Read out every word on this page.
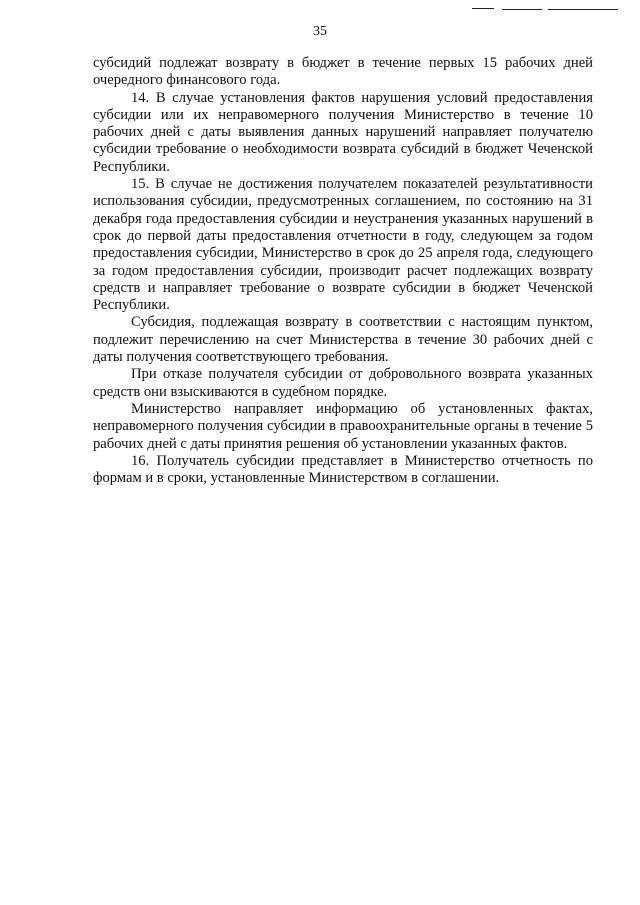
35

субсидий подлежат возврату в бюджет в течение первых 15 рабочих дней очередного финансового года.

14. В случае установления фактов нарушения условий предоставления субсидии или их неправомерного получения Министерство в течение 10 рабочих дней с даты выявления данных нарушений направляет получателю субсидии требование о необходимости возврата субсидий в бюджет Чеченской Республики.

15. В случае не достижения получателем показателей результативности использования субсидии, предусмотренных соглашением, по состоянию на 31 декабря года предоставления субсидии и неустранения указанных нарушений в срок до первой даты предоставления отчетности в году, следующем за годом предоставления субсидии, Министерство в срок до 25 апреля года, следующего за годом предоставления субсидии, производит расчет подлежащих возврату средств и направляет требование о возврате субсидии в бюджет Чеченской Республики.

Субсидия, подлежащая возврату в соответствии с настоящим пунктом, подлежит перечислению на счет Министерства в течение 30 рабочих дней с даты получения соответствующего требования.

При отказе получателя субсидии от добровольного возврата указанных средств они взыскиваются в судебном порядке.

Министерство направляет информацию об установленных фактах, неправомерного получения субсидии в правоохранительные органы в течение 5 рабочих дней с даты принятия решения об установлении указанных фактов.

16. Получатель субсидии представляет в Министерство отчетность по формам и в сроки, установленные Министерством в соглашении.
